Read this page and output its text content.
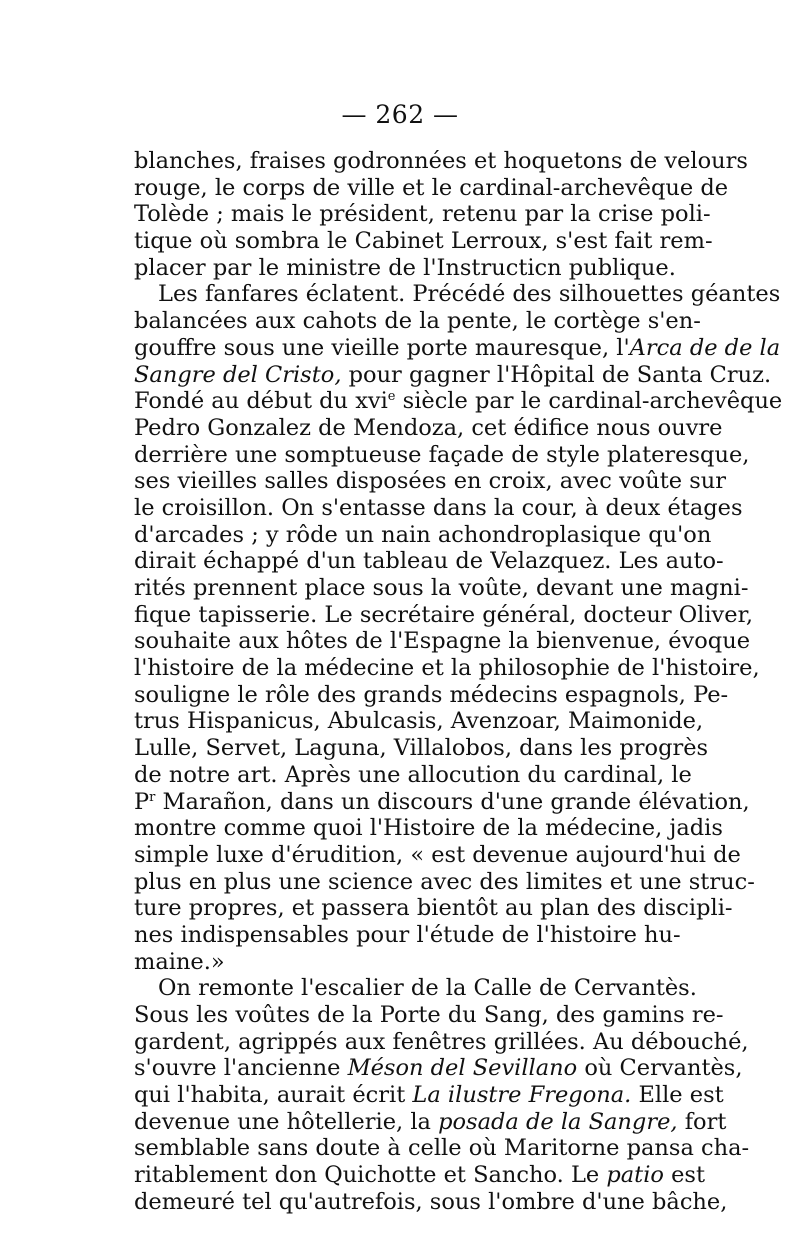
— 262 —
blanches, fraises godronnées et hoquetons de velours
rouge, le corps de ville et le cardinal-archevêque de
Tolède ; mais le président, retenu par la crise poli-
tique où sombra le Cabinet Lerroux, s'est fait rem-
placer par le ministre de l'Instructicn publique.
Les fanfares éclatent. Précédé des silhouettes géantes
balancées aux cahots de la pente, le cortège s'en-
gouffre sous une vieille porte mauresque, l'Arca de de la
Sangre del Cristo, pour gagner l'Hôpital de Santa Cruz.
Fondé au début du xvi$^e$ siècle par le cardinal-archevêque
Pedro Gonzalez de Mendoza, cet édifice nous ouvre
derrière une somptueuse façade de style plateresque,
ses vieilles salles disposées en croix, avec voûte sur
le croisillon. On s'entasse dans la cour, à deux étages
d'arcades ; y rôde un nain achondroplasique qu'on
dirait échappé d'un tableau de Velazquez. Les auto-
rités prennent place sous la voûte, devant une magni-
fique tapisserie. Le secrétaire général, docteur Oliver,
souhaite aux hôtes de l'Espagne la bienvenue, évoque
l'histoire de la médecine et la philosophie de l'histoire,
souligne le rôle des grands médecins espagnols, Pe-
trus Hispanicus, Abulcasis, Avenzoar, Maimonide,
Lulle, Servet, Laguna, Villalobos, dans les progrès
de notre art. Après une allocution du cardinal, le
$P^r$ Marañon, dans un discours d'une grande élévation,
montre comme quoi l'Histoire de la médecine, jadis
simple luxe d'érudition, « est devenue aujourd'hui de
plus en plus une science avec des limites et une struc-
ture propres, et passera bientôt au plan des discipli-
nes indispensables pour l'étude de l'histoire hu-
maine.»
On remonte l'escalier de la Calle de Cervantès.
Sous les voûtes de la Porte du Sang, des gamins re-
gardent, agrippés aux fenêtres grillées. Au débouché,
s'ouvre l'ancienne Méson del Sevillano où Cervantès,
qui l'habita, aurait écrit La ilustre Fregona. Elle est
devenue une hôtellerie, la posada de la Sangre, fort
semblable sans doute à celle où Maritorne pansa cha-
ritablement don Quichotte et Sancho. Le patio est
demeuré tel qu'autrefois, sous l'ombre d'une bâche,
